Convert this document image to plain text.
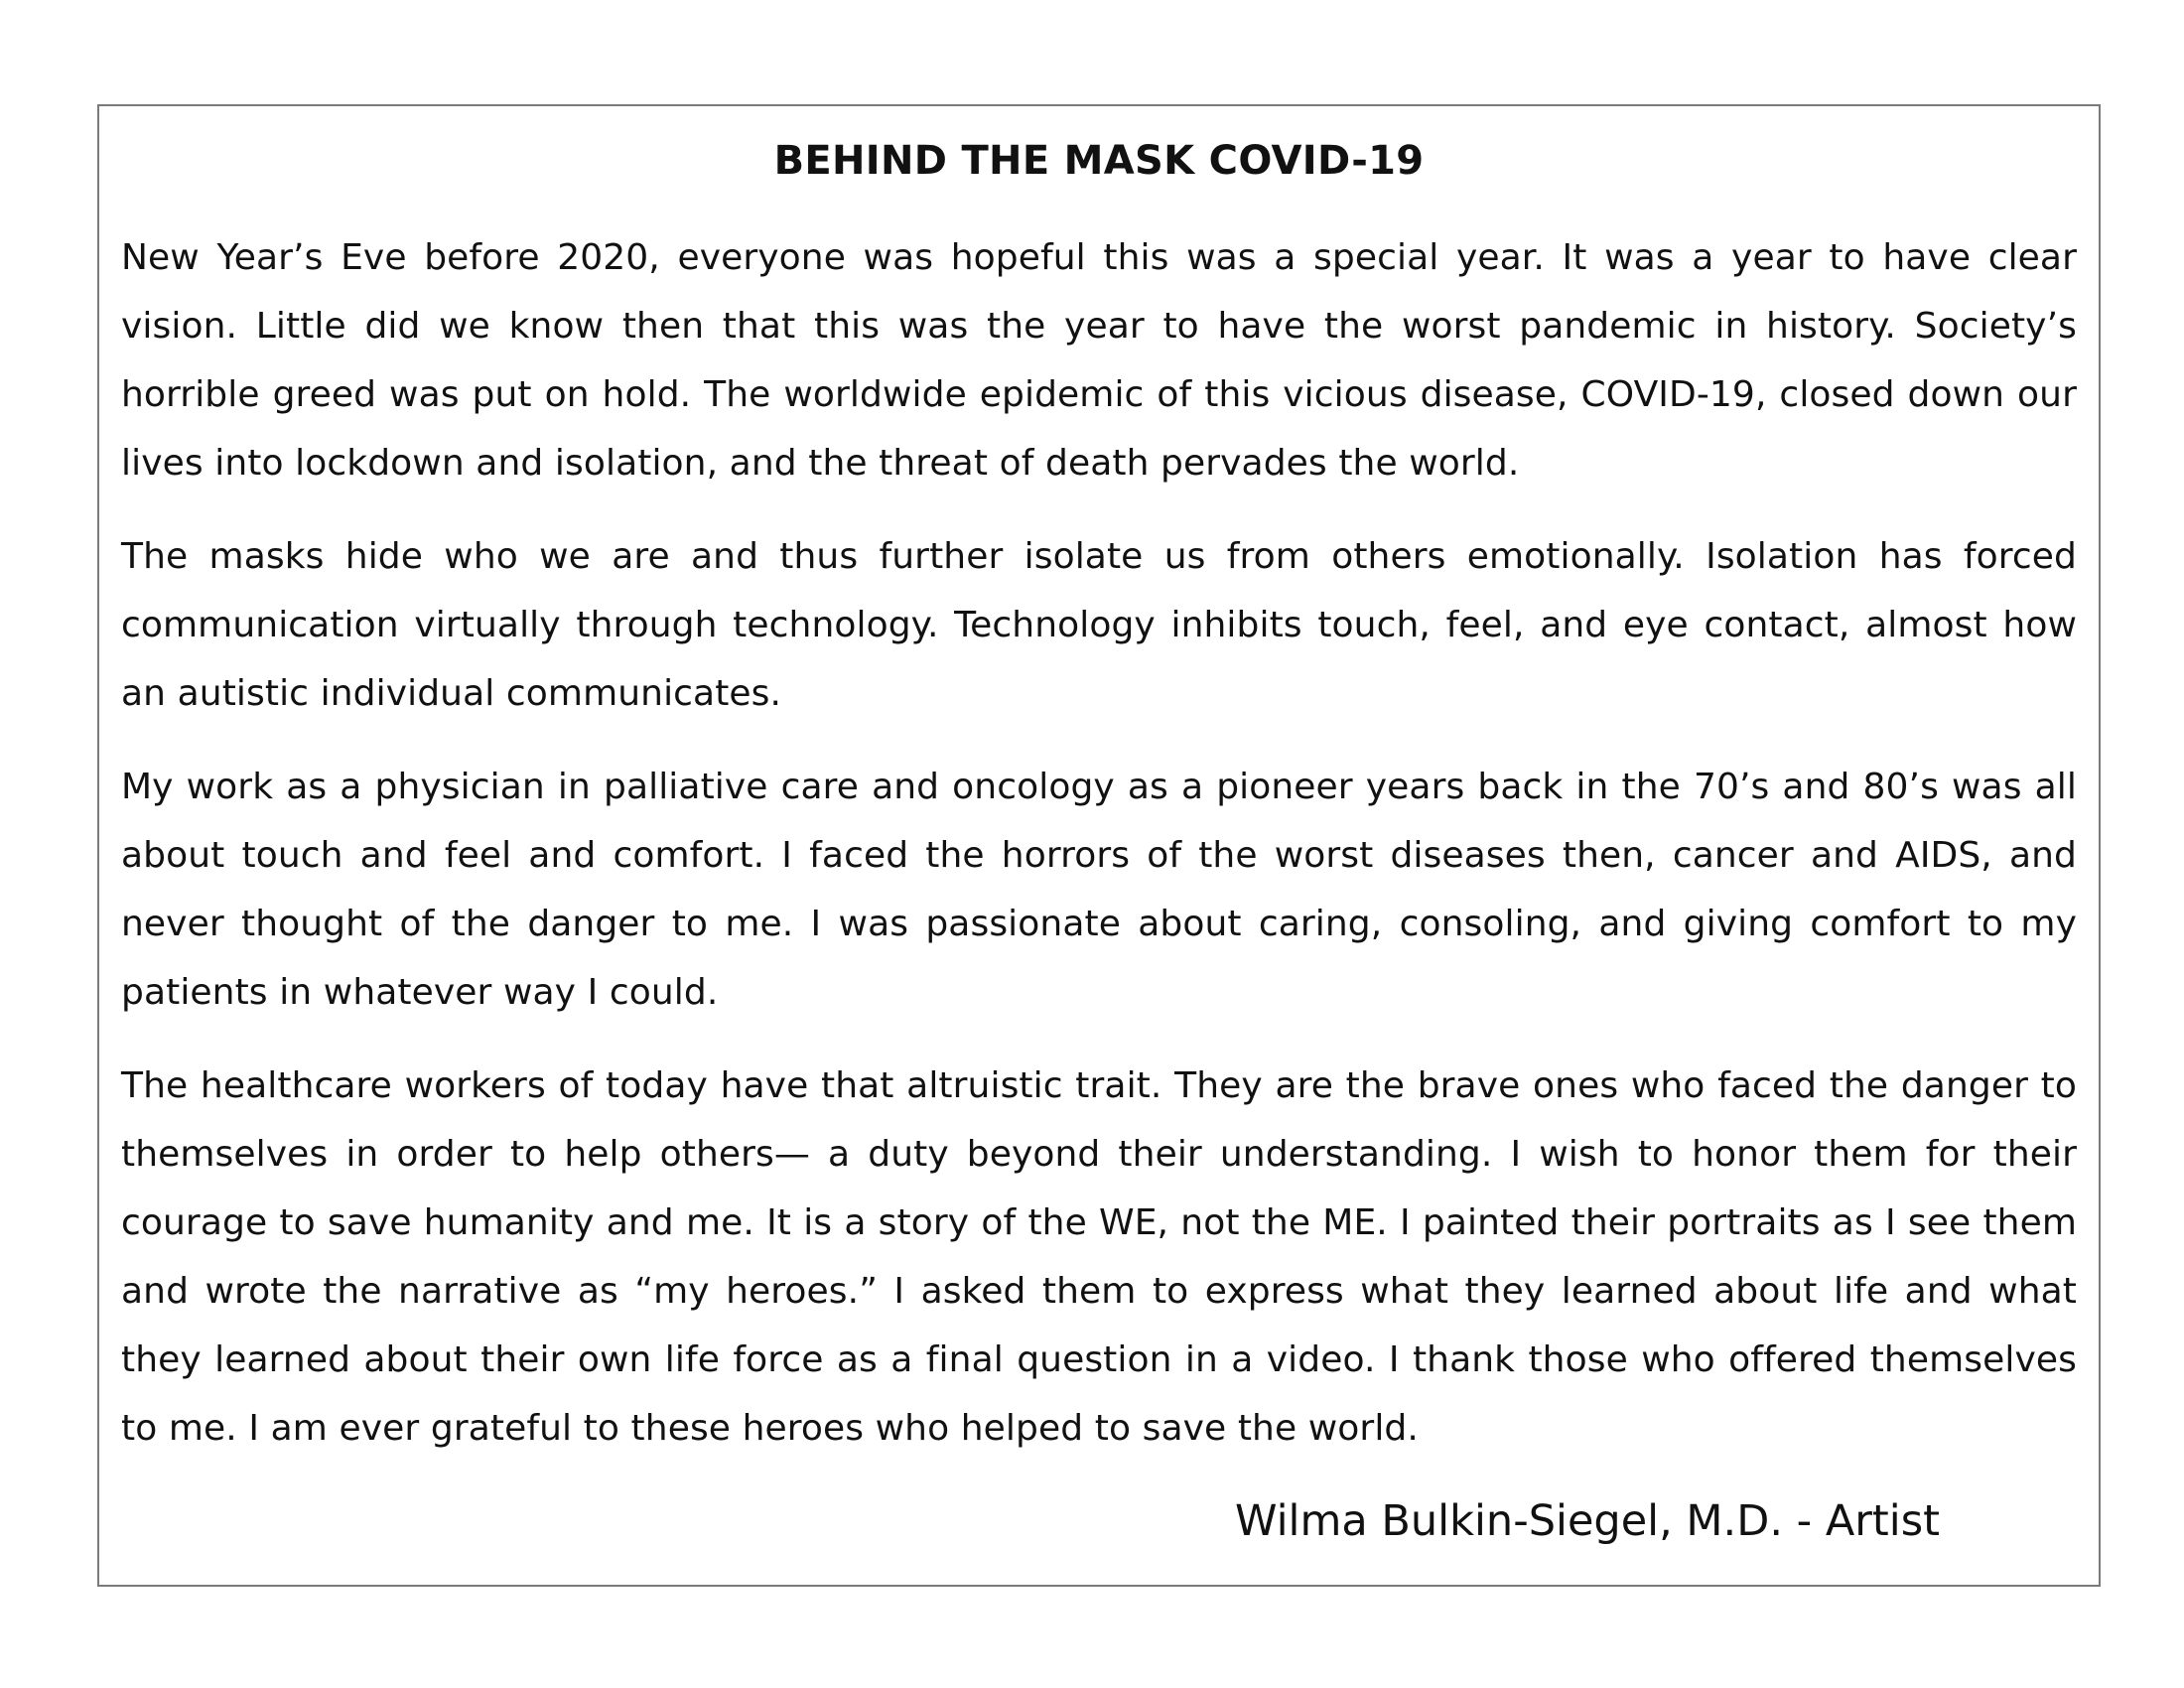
BEHIND THE MASK COVID-19

New Year’s Eve before 2020, everyone was hopeful this was a special year. It was a year to have clear vision. Little did we know then that this was the year to have the worst pandemic in history. Society’s horrible greed was put on hold. The worldwide epidemic of this vicious disease, COVID-19, closed down our lives into lockdown and isolation, and the threat of death pervades the world.

The masks hide who we are and thus further isolate us from others emotionally. Isolation has forced communication virtually through technology. Technology inhibits touch, feel, and eye contact, almost how an autistic individual communicates.

My work as a physician in palliative care and oncology as a pioneer years back in the 70’s and 80’s was all about touch and feel and comfort. I faced the horrors of the worst diseases then, cancer and AIDS, and never thought of the danger to me. I was passionate about caring, consoling, and giving comfort to my patients in whatever way I could.

The healthcare workers of today have that altruistic trait. They are the brave ones who faced the danger to themselves in order to help others— a duty beyond their understanding. I wish to honor them for their courage to save humanity and me. It is a story of the WE, not the ME. I painted their portraits as I see them and wrote the narrative as “my heroes.” I asked them to express what they learned about life and what they learned about their own life force as a final question in a video. I thank those who offered themselves to me. I am ever grateful to these heroes who helped to save the world.

Wilma Bulkin-Siegel, M.D. - Artist
